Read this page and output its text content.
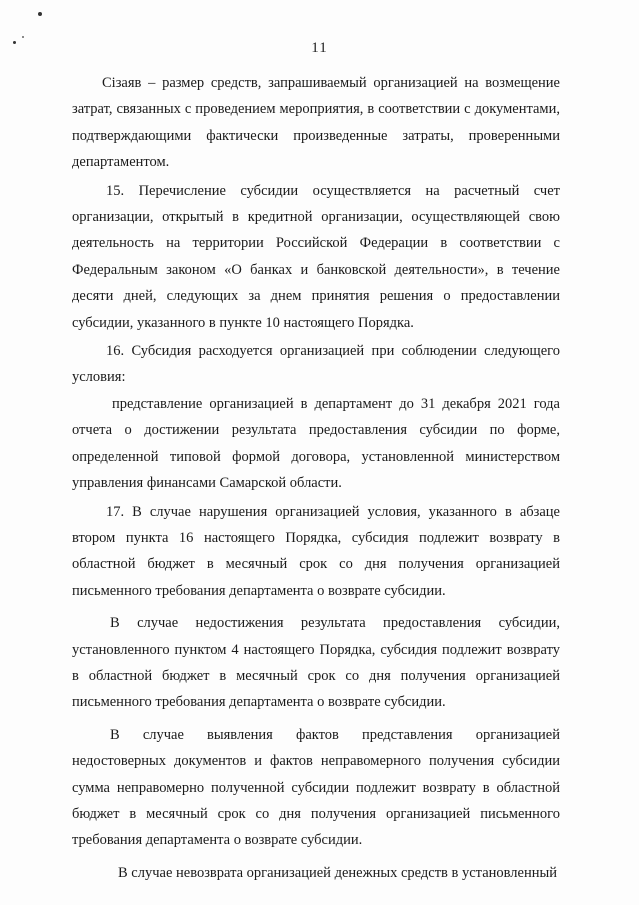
11

Сізаяв – размер средств, запрашиваемый организацией на возмещение затрат, связанных с проведением мероприятия, в соответствии с документами, подтверждающими фактически произведенные затраты, проверенными департаментом.

15. Перечисление субсидии осуществляется на расчетный счет организации, открытый в кредитной организации, осуществляющей свою деятельность на территории Российской Федерации в соответствии с Федеральным законом «О банках и банковской деятельности», в течение десяти дней, следующих за днем принятия решения о предоставлении субсидии, указанного в пункте 10 настоящего Порядка.

16. Субсидия расходуется организацией при соблюдении следующего условия:

представление организацией в департамент до 31 декабря 2021 года отчета о достижении результата предоставления субсидии по форме, определенной типовой формой договора, установленной министерством управления финансами Самарской области.

17. В случае нарушения организацией условия, указанного в абзаце втором пункта 16 настоящего Порядка, субсидия подлежит возврату в областной бюджет в месячный срок со дня получения организацией письменного требования департамента о возврате субсидии.

В случае недостижения результата предоставления субсидии, установленного пунктом 4 настоящего Порядка, субсидия подлежит возврату в областной бюджет в месячный срок со дня получения организацией письменного требования департамента о возврате субсидии.

В случае выявления фактов представления организацией недостоверных документов и фактов неправомерного получения субсидии сумма неправомерно полученной субсидии подлежит возврату в областной бюджет в месячный срок со дня получения организацией письменного требования департамента о возврате субсидии.

В случае невозврата организацией денежных средств в установленный
